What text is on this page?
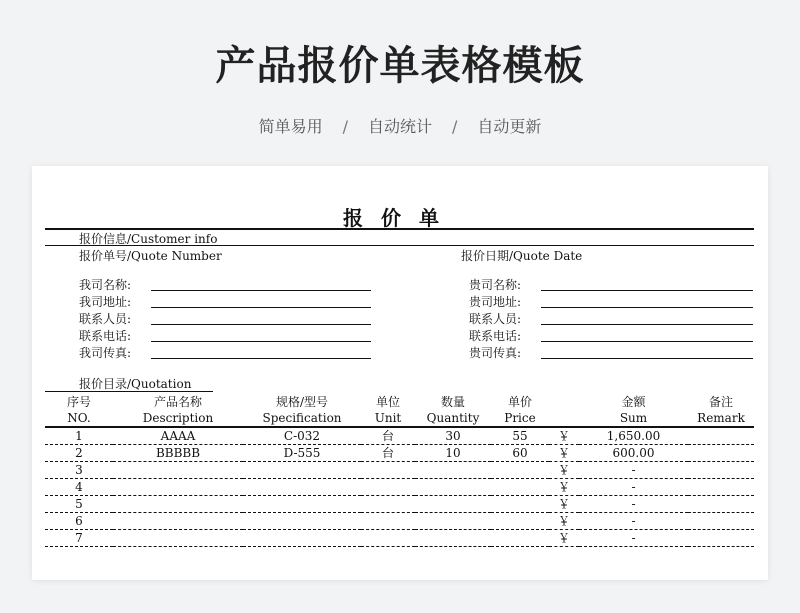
产品报价单表格模板
简单易用 / 自动统计 / 自动更新
报价单
报价信息/Customer info
报价单号/Quote Number	报价日期/Quote Date
我司名称:
我司地址:
联系人员:
联系电话:
我司传真:
贵司名称:
贵司地址:
联系人员:
联系电话:
贵司传真:
报价目录/Quotation
序号	产品名称	规格/型号	单位	数量	单价		金额	备注
NO.	Description	Specification	Unit	Quantity	Price		Sum	Remark
1	AAAA	C-032	台	30	55	￥	1,650.00	
2	BBBBB	D-555	台	10	60	￥	600.00	
3						￥	-	
4						￥	-	
5						￥	-	
6						￥	-	
7						￥	-	
